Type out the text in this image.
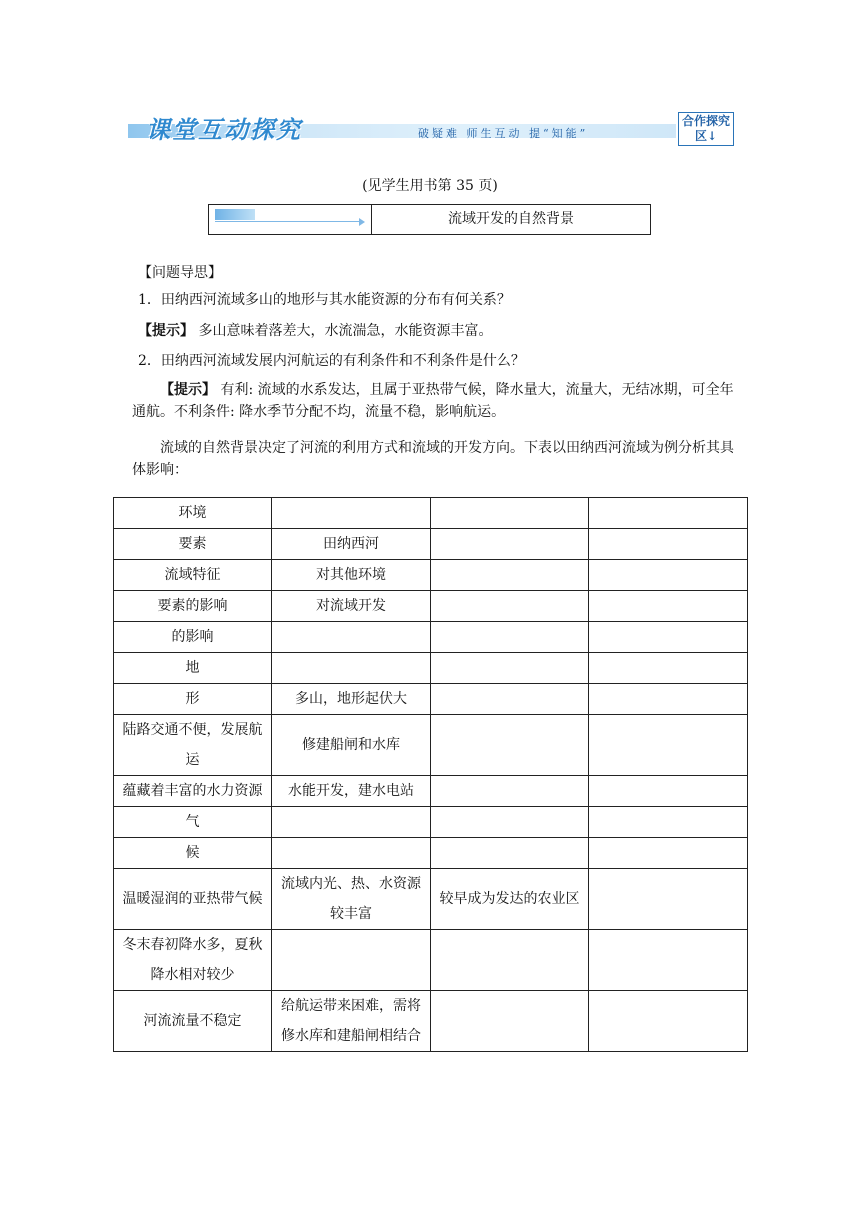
课堂互动探究	破疑难 师生互动 提“知能”
合作探究区↓
(见学生用书第 35 页)
流域开发的自然背景
【问题导思】
1．田纳西河流域多山的地形与其水能资源的分布有何关系？
【提示】 多山意味着落差大，水流湍急，水能资源丰富。
2．田纳西河流域发展内河航运的有利条件和不利条件是什么？
【提示】 有利: 流域的水系发达，且属于亚热带气候，降水量大，流量大，无结冰期，可全年通航。不利条件: 降水季节分配不均，流量不稳，影响航运。
流域的自然背景决定了河流的利用方式和流域的开发方向。下表以田纳西河流域为例分析其具体影响：
环境			
要素	田纳西河		
流域特征	对其他环境		
要素的影响	对流域开发		
的影响			
地			
形	多山，地形起伏大		
陆路交通不便，发展航运	修建船闸和水库		
蕴藏着丰富的水力资源	水能开发，建水电站		
气			
候			
温暖湿润的亚热带气候	流域内光、热、水资源较丰富	较早成为发达的农业区	
冬末春初降水多，夏秋降水相对较少			
河流流量不稳定	给航运带来困难，需将修水库和建船闸相结合		
